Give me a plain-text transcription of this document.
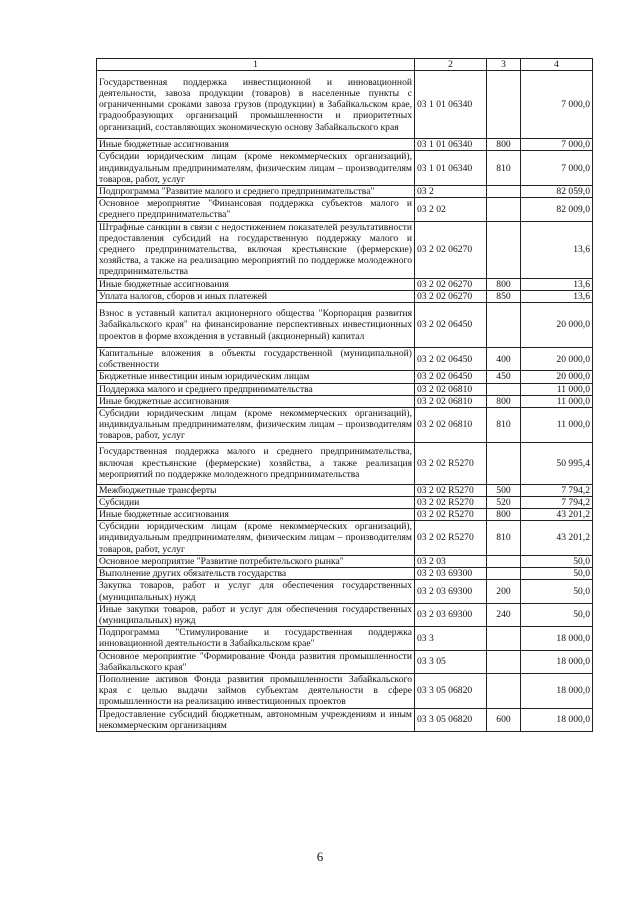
1	2	3	4
Государственная поддержка инвестиционной и инновационной деятельности, завоза продукции (товаров) в населенные пункты с ограниченными сроками завоза грузов (продукции) в Забайкальском крае, градообразующих организаций промышленности и приоритетных организаций, составляющих экономическую основу Забайкальского края	03 1 01 06340		7 000,0
Иные бюджетные ассигнования	03 1 01 06340	800	7 000,0
Субсидии юридическим лицам (кроме некоммерческих организаций), индивидуальным предпринимателям, физическим лицам – производителям товаров, работ, услуг	03 1 01 06340	810	7 000,0
Подпрограмма "Развитие малого и среднего предпринимательства"	03 2		82 059,0
Основное мероприятие "Финансовая поддержка субъектов малого и среднего предпринимательства"	03 2 02		82 009,0
Штрафные санкции в связи с недостижением показателей результативности предоставления субсидий на государственную поддержку малого и среднего предпринимательства, включая крестьянские (фермерские) хозяйства, а также на реализацию мероприятий по поддержке молодежного предпринимательства	03 2 02 06270		13,6
Иные бюджетные ассигнования	03 2 02 06270	800	13,6
Уплата налогов, сборов и иных платежей	03 2 02 06270	850	13,6
Взнос в уставный капитал акционерного общества "Корпорация развития Забайкальского края" на финансирование перспективных инвестиционных проектов в форме вхождения в уставный (акционерный) капитал	03 2 02 06450		20 000,0
Капитальные вложения в объекты государственной (муниципальной) собственности	03 2 02 06450	400	20 000,0
Бюджетные инвестиции иным юридическим лицам	03 2 02 06450	450	20 000,0
Поддержка малого и среднего предпринимательства	03 2 02 06810		11 000,0
Иные бюджетные ассигнования	03 2 02 06810	800	11 000,0
Субсидии юридическим лицам (кроме некоммерческих организаций), индивидуальным предпринимателям, физическим лицам – производителям товаров, работ, услуг	03 2 02 06810	810	11 000,0
Государственная поддержка малого и среднего предпринимательства, включая крестьянские (фермерские) хозяйства, а также реализация мероприятий по поддержке молодежного предпринимательства	03 2 02 R5270		50 995,4
Межбюджетные трансферты	03 2 02 R5270	500	7 794,2
Субсидии	03 2 02 R5270	520	7 794,2
Иные бюджетные ассигнования	03 2 02 R5270	800	43 201,2
Субсидии юридическим лицам (кроме некоммерческих организаций), индивидуальным предпринимателям, физическим лицам – производителям товаров, работ, услуг	03 2 02 R5270	810	43 201,2
Основное мероприятие "Развитие потребительского рынка"	03 2 03		50,0
Выполнение других обязательств государства	03 2 03 69300		50,0
Закупка товаров, работ и услуг для обеспечения государственных (муниципальных) нужд	03 2 03 69300	200	50,0
Иные закупки товаров, работ и услуг для обеспечения государственных (муниципальных) нужд	03 2 03 69300	240	50,0
Подпрограмма "Стимулирование и государственная поддержка инновационной деятельности в Забайкальском крае"	03 3		18 000,0
Основное мероприятие "Формирование Фонда развития промышленности Забайкальского края"	03 3 05		18 000,0
Пополнение активов Фонда развития промышленности Забайкальского края с целью выдачи займов субъектам деятельности в сфере промышленности на реализацию инвестиционных проектов	03 3 05 06820		18 000,0
Предоставление субсидий бюджетным, автономным учреждениям и иным некоммерческим организациям	03 3 05 06820	600	18 000,0
6
